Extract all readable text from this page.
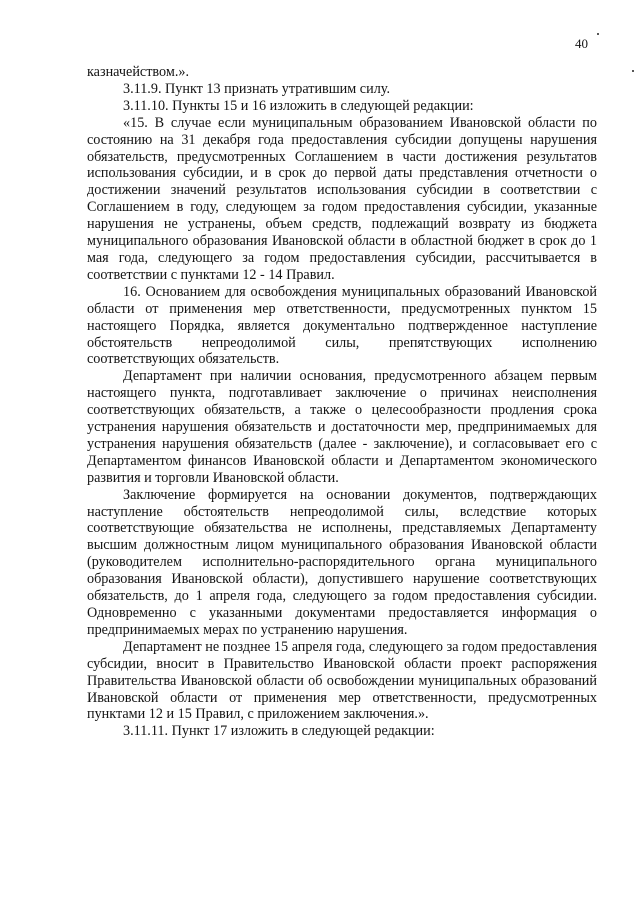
40

казначейством.».

3.11.9. Пункт 13 признать утратившим силу.

3.11.10. Пункты 15 и 16 изложить в следующей редакции:

«15. В случае если муниципальным образованием Ивановской области по состоянию на 31 декабря года предоставления субсидии допущены нарушения обязательств, предусмотренных Соглашением в части достижения результатов использования субсидии, и в срок до первой даты представления отчетности о достижении значений результатов использования субсидии в соответствии с Соглашением в году, следующем за годом предоставления субсидии, указанные нарушения не устранены, объем средств, подлежащий возврату из бюджета муниципального образования Ивановской области в областной бюджет в срок до 1 мая года, следующего за годом предоставления субсидии, рассчитывается в соответствии с пунктами 12 - 14 Правил.

16. Основанием для освобождения муниципальных образований Ивановской области от применения мер ответственности, предусмотренных пунктом 15 настоящего Порядка, является документально подтвержденное наступление обстоятельств непреодолимой силы, препятствующих исполнению соответствующих обязательств.

Департамент при наличии основания, предусмотренного абзацем первым настоящего пункта, подготавливает заключение о причинах неисполнения соответствующих обязательств, а также о целесообразности продления срока устранения нарушения обязательств и достаточности мер, предпринимаемых для устранения нарушения обязательств (далее - заключение), и согласовывает его с Департаментом финансов Ивановской области и Департаментом экономического развития и торговли Ивановской области.

Заключение формируется на основании документов, подтверждающих наступление обстоятельств непреодолимой силы, вследствие которых соответствующие обязательства не исполнены, представляемых Департаменту высшим должностным лицом муниципального образования Ивановской области (руководителем исполнительно-распорядительного органа муниципального образования Ивановской области), допустившего нарушение соответствующих обязательств, до 1 апреля года, следующего за годом предоставления субсидии. Одновременно с указанными документами предоставляется информация о предпринимаемых мерах по устранению нарушения.

Департамент не позднее 15 апреля года, следующего за годом предоставления субсидии, вносит в Правительство Ивановской области проект распоряжения Правительства Ивановской области об освобождении муниципальных образований Ивановской области от применения мер ответственности, предусмотренных пунктами 12 и 15 Правил, с приложением заключения.».

3.11.11. Пункт 17 изложить в следующей редакции:
